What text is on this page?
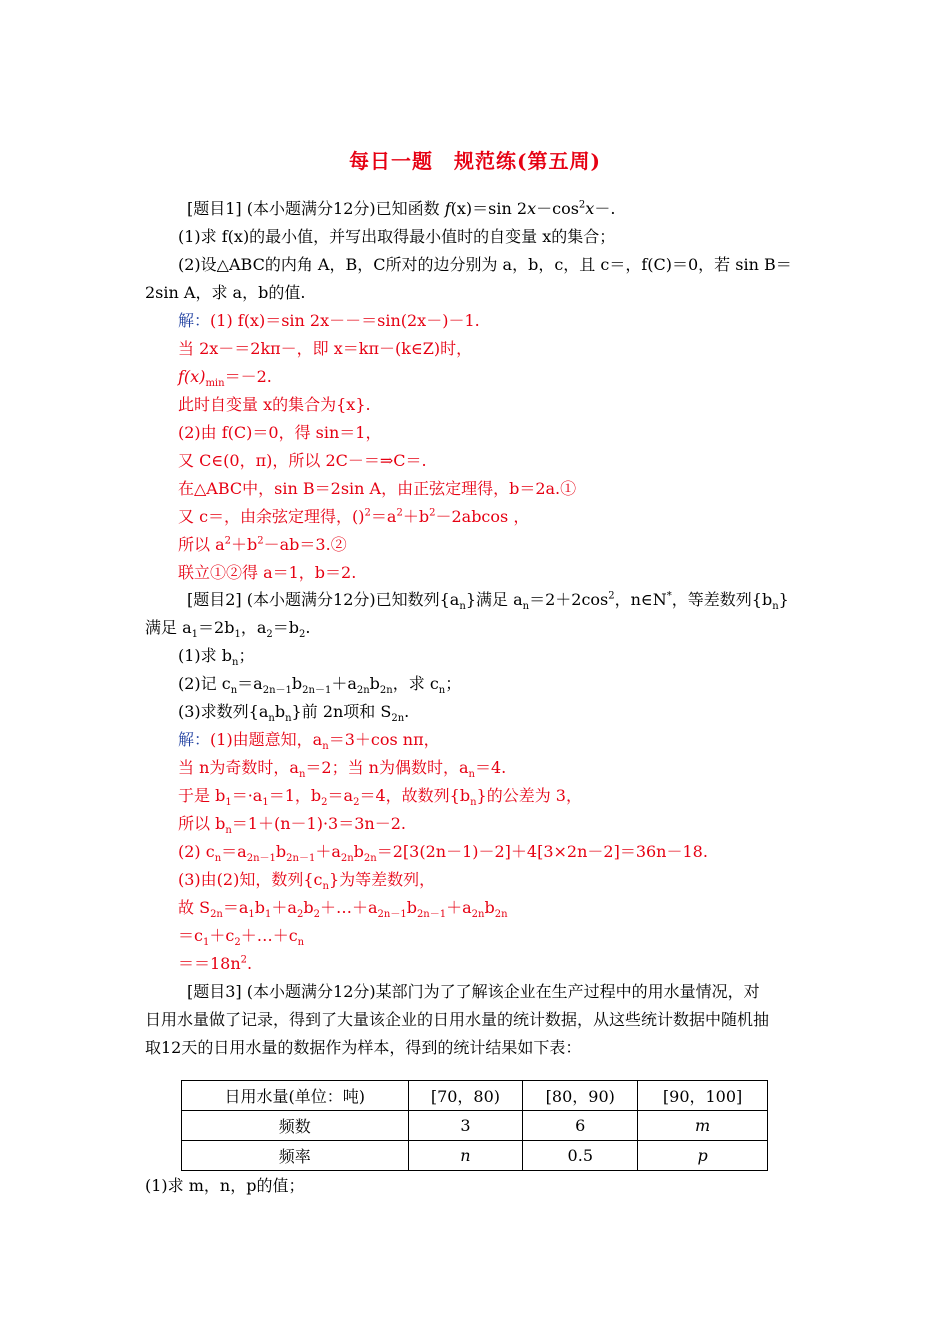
每日一题　规范练(第五周)
[题目1] (本小题满分12分)已知函数 f(x)＝sin $2x-\cos^2x-$.
(1)求 f(x)的最小值，并写出取得最小值时的自变量 x的集合；
(2)设△ABC的内角 A，B，C所对的边分别为 a，b，c，且 c＝，f(C)＝0，若 sin B＝
2sin A，求 a，b的值.
解：(1) f(x)＝sin 2x－－＝sin(2x－)－1.
当 2x－＝2kπ－，即 x＝kπ－(k∈Z)时，
$f(x)_{min}=-2$.
此时自变量 x的集合为{x}.
(2)由 f(C)＝0，得 sin＝1，
又 C∈(0，π)，所以 2C－＝⇒C＝.
在△ABC中，sin B＝2sin A，由正弦定理得，b＝2a.①
又 c＝，由余弦定理得，$()^2=a^2+b^2-2abcos$ ，
所以 $a^2+b^2-ab=3.②$
联立①②得 a＝1，b＝2.
[题目2] (本小题满分12分)已知数列$\{a_n\}$满足 $a_n=2+2\cos^2$，n∈N*，等差数列$\{b_n\}$
满足 $a_1=2b_1$，$a_2=b_2$.
(1)求 $b_n$；
(2)记 $c_n=a_{2n-1}b_{2n-1}+a_{2n}b_{2n}$，求 $c_n$；
(3)求数列$\{a_nb_n\}$前 2n项和 $S_{2n}$.
解：(1)由题意知，$a_n=3+\cos$ nπ，
当 n为奇数时，$a_n=2$；当 n为偶数时，$a_n=4$.
于是 $b_1=\cdot a_1=1$，$b_2=a_2=4$，故数列$\{b_n\}$的公差为 3，
所以 $b_n=1+(n-1)\cdot 3=3n-2$.
(2) $c_n=a_{2n-1}b_{2n-1}+a_{2n}b_{2n}=2[3(2n-1)-2]+4[3\times 2n-2]=36n-18$.
(3)由(2)知，数列$\{c_n\}$为等差数列，
故 $S_{2n}=a_1b_1+a_2b_2+\dots+a_{2n-1}b_{2n-1}+a_{2n}b_{2n}$
$=c_1+c_2+\dots+c_n$
$==18n^2$.
[题目3] (本小题满分12分)某部门为了了解该企业在生产过程中的用水量情况，对
日用水量做了记录，得到了大量该企业的日用水量的统计数据，从这些统计数据中随机抽
取12天的日用水量的数据作为样本，得到的统计结果如下表：
日用水量(单位：吨)	[70，80)	[80，90)	[90，100]
频数	3	6	m
频率	n	0.5	p
(1)求 m，n，p的值；
